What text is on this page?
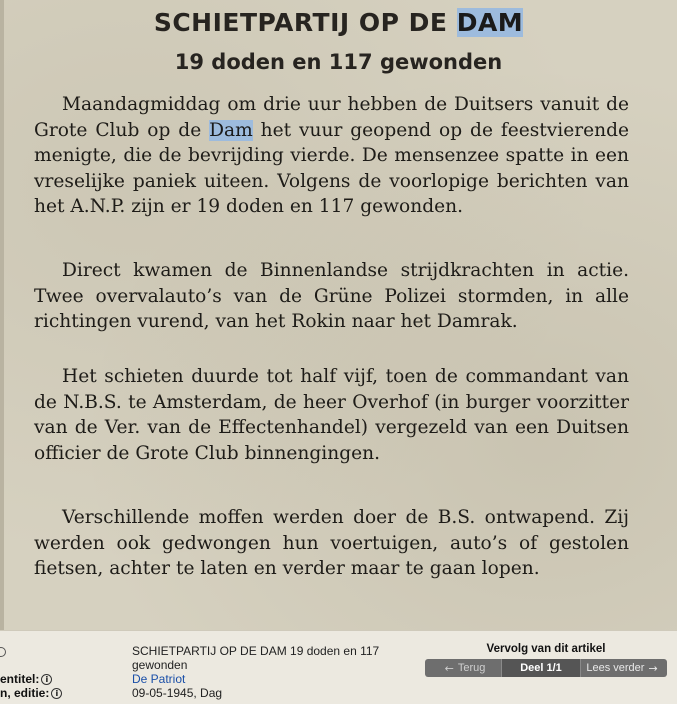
SCHIETPARTIJ OP DE DAM
19 doden en 117 gewonden

Maandagmiddag om drie uur hebben de Duitsers vanuit de Grote Club op de Dam het vuur geopend op de feestvierende menigte, die de bevrijding vierde. De mensenzee spatte in een vreselijke paniek uiteen. Volgens de voorlopige berichten van het A.N.P. zijn er 19 doden en 117 gewonden.

Direct kwamen de Binnenlandse strijdkrachten in actie. Twee overvalauto’s van de Grüne Polizei stormden, in alle richtingen vurend, van het Rokin naar het Damrak.

Het schieten duurde tot half vijf, toen de commandant van de N.B.S. te Amsterdam, de heer Overhof (in burger voorzitter van de Ver. van de Effectenhandel) vergezeld van een Duitsen officier de Grote Club binnengingen.

Verschillende moffen werden doer de B.S. ontwapend. Zij werden ook gedwongen hun voertuigen, auto’s of gestolen fietsen, achter te laten en verder maar te gaan lopen.

entitel: i
n, editie: i
SCHIETPARTIJ OP DE DAM 19 doden en 117
gewonden
De Patriot
09-05-1945, Dag
Vervolg van dit artikel
← Terug	Deel 1/1	Lees verder →
